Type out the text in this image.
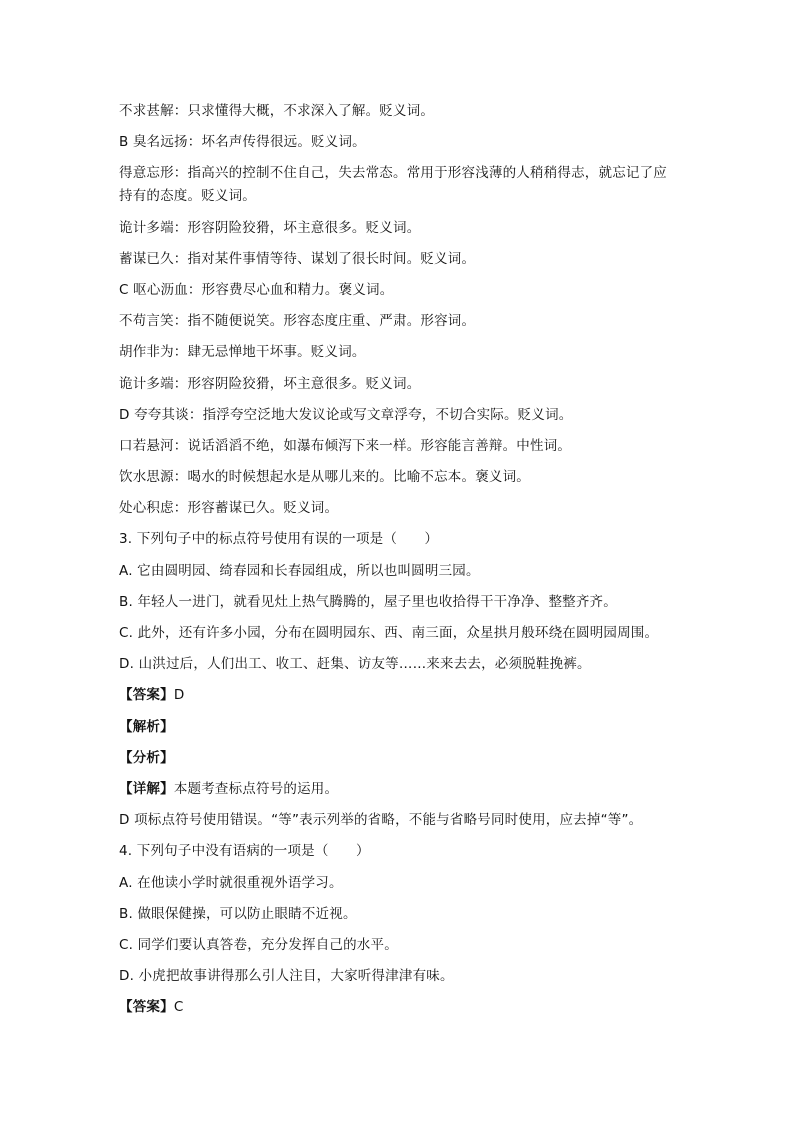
不求甚解：只求懂得大概，不求深入了解。贬义词。
B 臭名远扬：坏名声传得很远。贬义词。
得意忘形：指高兴的控制不住自己，失去常态。常用于形容浅薄的人稍稍得志，就忘记了应
持有的态度。贬义词。
诡计多端：形容阴险狡猾，坏主意很多。贬义词。
蓄谋已久：指对某件事情等待、谋划了很长时间。贬义词。
C 呕心沥血：形容费尽心血和精力。褒义词。
不苟言笑：指不随便说笑。形容态度庄重、严肃。形容词。
胡作非为：肆无忌惮地干坏事。贬义词。
诡计多端：形容阴险狡猾，坏主意很多。贬义词。
D 夸夸其谈：指浮夸空泛地大发议论或写文章浮夸，不切合实际。贬义词。
口若悬河：说话滔滔不绝，如瀑布倾泻下来一样。形容能言善辩。中性词。
饮水思源：喝水的时候想起水是从哪儿来的。比喻不忘本。褒义词。
处心积虑：形容蓄谋已久。贬义词。
3. 下列句子中的标点符号使用有误的一项是（　　）
A. 它由圆明园、绮春园和长春园组成，所以也叫圆明三园。
B. 年轻人一进门，就看见灶上热气腾腾的，屋子里也收拾得干干净净、整整齐齐。
C. 此外，还有许多小园，分布在圆明园东、西、南三面，众星拱月般环绕在圆明园周围。
D. 山洪过后，人们出工、收工、赶集、访友等……来来去去，必须脱鞋挽裤。
【答案】D
【解析】
【分析】
【详解】本题考查标点符号的运用。
D 项标点符号使用错误。“等”表示列举的省略，不能与省略号同时使用，应去掉“等”。
4. 下列句子中没有语病的一项是（　　）
A. 在他读小学时就很重视外语学习。
B. 做眼保健操，可以防止眼睛不近视。
C. 同学们要认真答卷，充分发挥自己的水平。
D. 小虎把故事讲得那么引人注目，大家听得津津有味。
【答案】C
